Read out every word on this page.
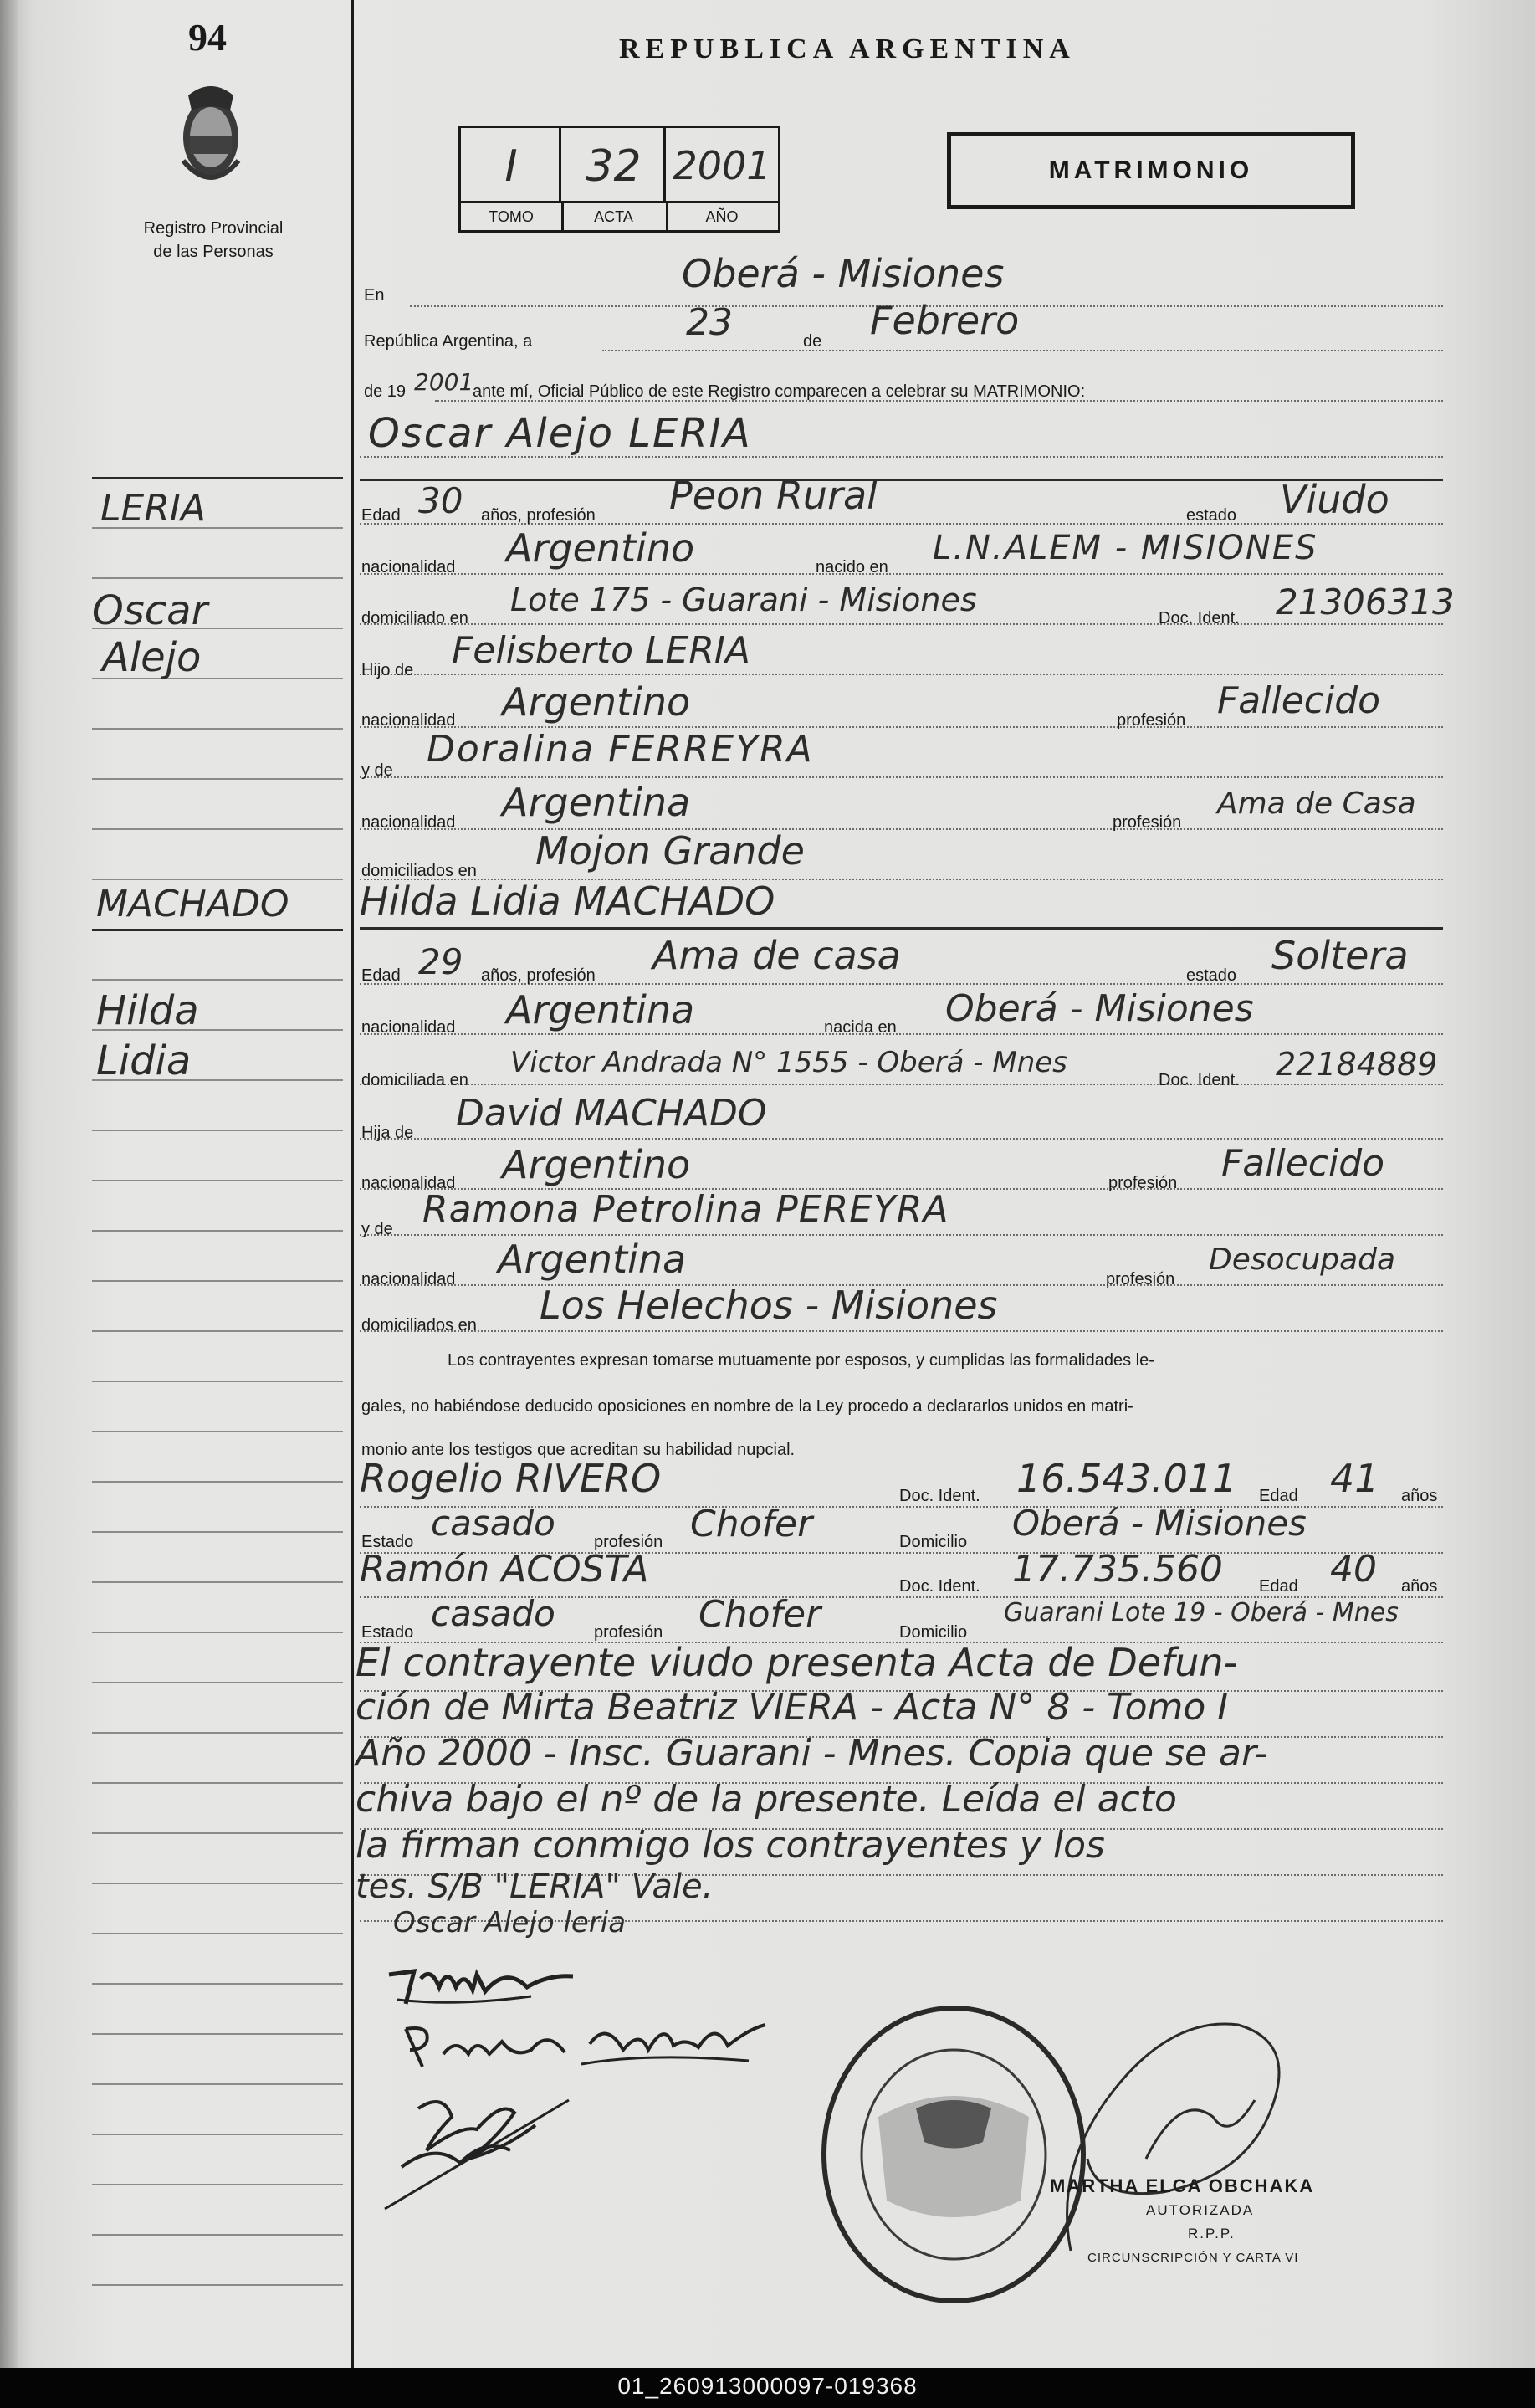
94
Registro Provincial
de las Personas
REPUBLICA ARGENTINA
I	32 2001
TOMO	ACTA	AÑO
MATRIMONIO
LERIA
Oscar
Alejo
MACHADO
Hilda
Lidia
En	Oberá - Misiones
República Argentina, a	23	de Febrero
de 19 2001
ante mí, Oficial Público de este Registro comparecen a celebrar su MATRIMONIO:
Oscar Alejo LERIA
Edad 30 años, profesión Peon Rural	estado Viudo
nacionalidad Argentino	nacido en L.N.ALEM - MISIONES
domiciliado en Lote 175 - Guarani - Misiones	Doc. Ident. 21306313
Hijo de Felisberto LERIA
nacionalidad Argentino	profesión Fallecido
y de Doralina FERREYRA
nacionalidad Argentina	profesión
Ama de Casa
domiciliados en Mojon Grande
Hilda Lidia MACHADO
Edad 29 años, profesión Ama de casa	estado Soltera
nacionalidad Argentina	nacida en Oberá - Misiones
domiciliada en
Victor Andrada N° 1555 - Oberá - Mnes
Doc. Ident. 22184889
Hija de David MACHADO
nacionalidad Argentino	profesión Fallecido
y de Ramona Petrolina PEREYRA
nacionalidad Argentina	profesión
Desocupada
domiciliados en Los Helechos - Misiones
Los contrayentes expresan tomarse mutuamente por esposos, y cumplidas las formalidades le-
gales, no habiéndose deducido oposiciones en nombre de la Ley procedo a declararlos unidos en matri-
monio ante los testigos que acreditan su habilidad nupcial.
Rogelio RIVERO	Doc. Ident. 16.543.011 Edad 41 años
Estado casado profesión Chofer	Domicilio Oberá - Misiones
Ramón ACOSTA	Doc. Ident. 17.735.560 Edad 40 años
Estado casado profesión Chofer	Domicilio
Guarani Lote 19 - Oberá - Mnes
El contrayente viudo presenta Acta de Defun-
ción de Mirta Beatriz VIERA - Acta N° 8 - Tomo I
Año 2000 - Insc. Guarani - Mnes. Copia que se ar-
chiva bajo el nº de la presente. Leída el acto
la firman conmigo los contrayentes y los
tes. S/B "LERIA" Vale.
Oscar Alejo leria
MARTHA ELCA OBCHAKA
AUTORIZADA
R.P.P.
CIRCUNSCRIPCIÓN Y CARTA VI
01_260913000097-019368
